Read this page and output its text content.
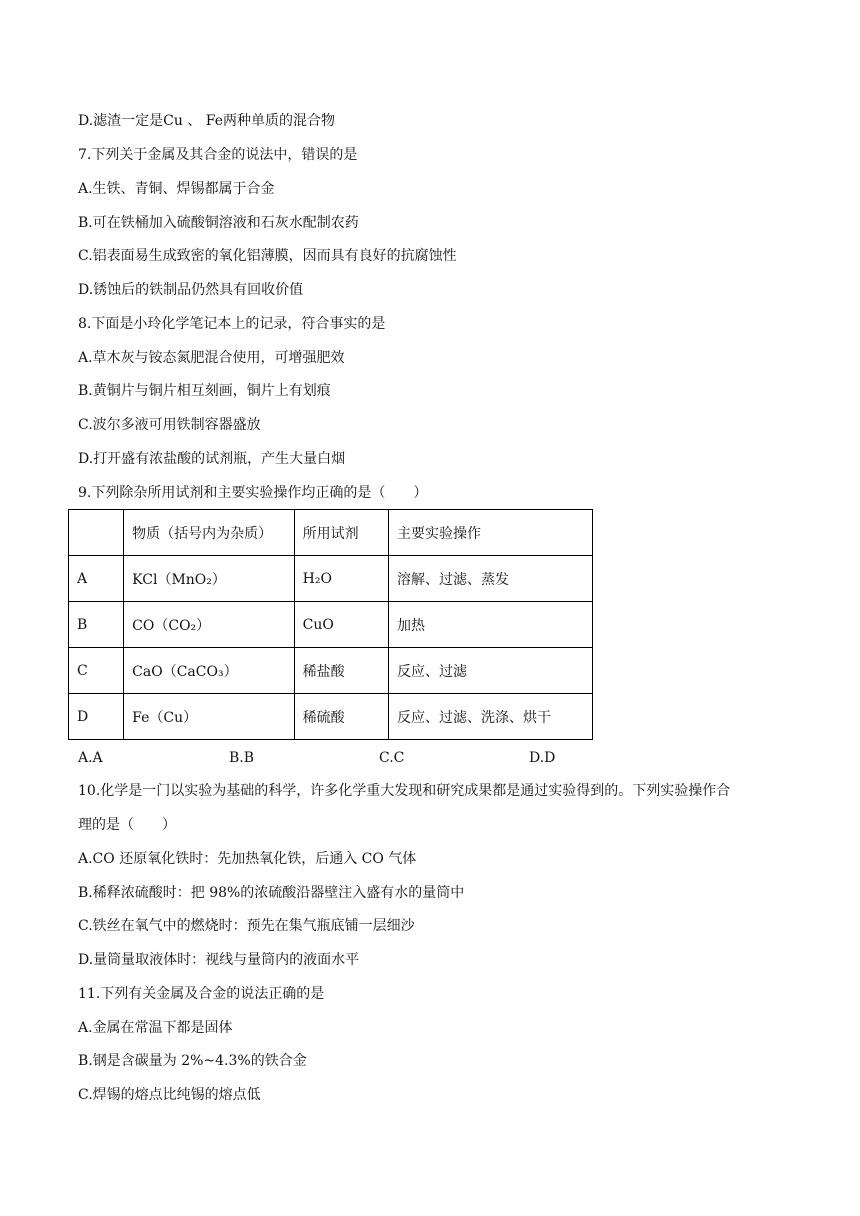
D.滤渣一定是Cu 、 Fe两种单质的混合物
7.下列关于金属及其合金的说法中，错误的是
A.生铁、青铜、焊锡都属于合金
B.可在铁桶加入硫酸铜溶液和石灰水配制农药
C.铝表面易生成致密的氧化铝薄膜，因而具有良好的抗腐蚀性
D.锈蚀后的铁制品仍然具有回收价值
8.下面是小玲化学笔记本上的记录，符合事实的是
A.草木灰与铵态氮肥混合使用，可增强肥效
B.黄铜片与铜片相互刻画，铜片上有划痕
C.波尔多液可用铁制容器盛放
D.打开盛有浓盐酸的试剂瓶，产生大量白烟
9.下列除杂所用试剂和主要实验操作均正确的是（　　）
	物质（括号内为杂质）	所用试剂	主要实验操作
A	KCl（MnO₂）	H₂O	溶解、过滤、蒸发
B	CO（CO₂）	CuO	加热
C	CaO（CaCO₃）	稀盐酸	反应、过滤
D	Fe（Cu）	稀硫酸	反应、过滤、洗涤、烘干
A.A	B.B	C.C	D.D
10.化学是一门以实验为基础的科学，许多化学重大发现和研究成果都是通过实验得到的。下列实验操作合
理的是（　　）
A.CO 还原氧化铁时：先加热氧化铁，后通入 CO 气体
B.稀释浓硫酸时：把 98%的浓硫酸沿器壁注入盛有水的量筒中
C.铁丝在氧气中的燃烧时：预先在集气瓶底铺一层细沙
D.量筒量取液体时：视线与量筒内的液面水平
11.下列有关金属及合金的说法正确的是
A.金属在常温下都是固体
B.钢是含碳量为 2%~4.3%的铁合金
C.焊锡的熔点比纯锡的熔点低
